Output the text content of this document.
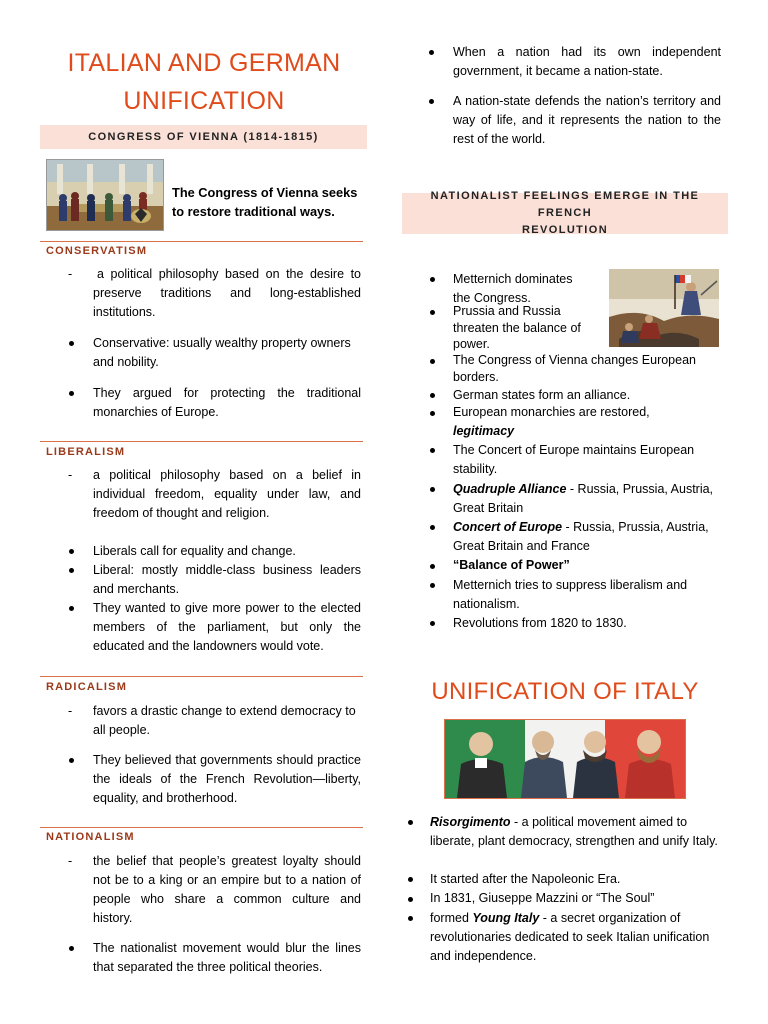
ITALIAN AND GERMAN
UNIFICATION
CONGRESS OF VIENNA (1814-1815)
The Congress of Vienna seeks to restore traditional ways.
CONSERVATISM
-	a political philosophy based on the desire to preserve traditions and long-established institutions.
Conservative: usually wealthy property owners and nobility.
They argued for protecting the traditional monarchies of Europe.
LIBERALISM
- a political philosophy based on a belief in individual freedom, equality under law, and freedom of thought and religion.
Liberals call for equality and change.
Liberal: mostly middle-class business leaders and merchants.
They wanted to give more power to the elected members of the parliament, but only the educated and the landowners would vote.
RADICALISM
- favors a drastic change to extend democracy to all people.
They believed that governments should practice the ideals of the French Revolution—liberty, equality, and brotherhood.
NATIONALISM
- the belief that people’s greatest loyalty should not be to a king or an empire but to a nation of people who share a common culture and history.
The nationalist movement would blur the lines that separated the three political theories.
When a nation had its own independent government, it became a nation-state.
A nation-state defends the nation’s territory and way of life, and it represents the nation to the rest of the world.
NATIONALIST FEELINGS EMERGE IN THE FRENCH
REVOLUTION
Metternich dominates the Congress.
Prussia and Russia threaten the balance of power.
The Congress of Vienna changes European borders.
German states form an alliance.
European monarchies are restored,
legitimacy
The Concert of Europe maintains European stability.
Quadruple Alliance - Russia, Prussia, Austria, Great Britain
Concert of Europe - Russia, Prussia, Austria, Great Britain and France
“Balance of Power”
Metternich tries to suppress liberalism and nationalism.
Revolutions from 1820 to 1830.
UNIFICATION OF ITALY
Risorgimento - a political movement aimed to liberate, plant democracy, strengthen and unify Italy.
It started after the Napoleonic Era.
In 1831, Giuseppe Mazzini or “The Soul”
formed Young Italy - a secret organization of revolutionaries dedicated to seek Italian unification and independence.
